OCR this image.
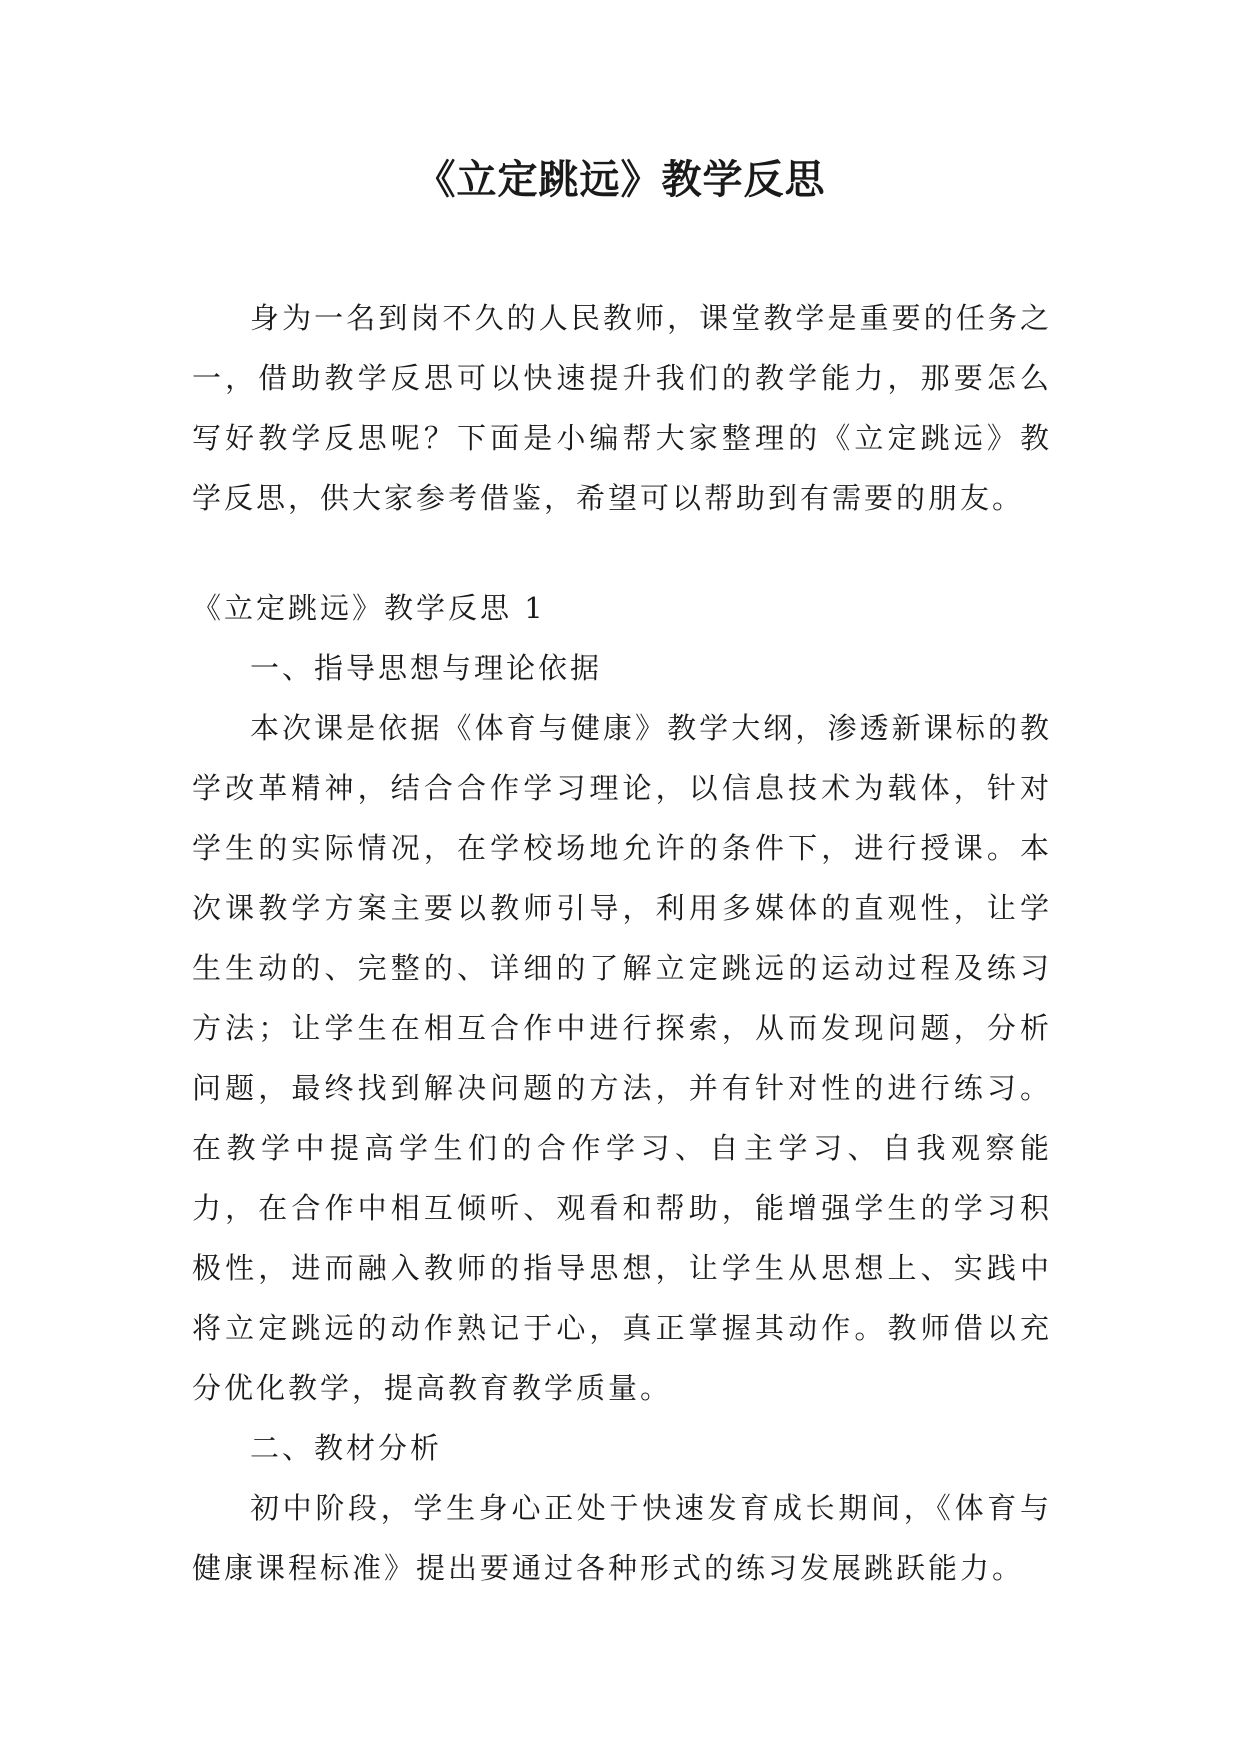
《立定跳远》教学反思

身为一名到岗不久的人民教师，课堂教学是重要的任务之一，借助教学反思可以快速提升我们的教学能力，那要怎么写好教学反思呢？下面是小编帮大家整理的《立定跳远》教学反思，供大家参考借鉴，希望可以帮助到有需要的朋友。

《立定跳远》教学反思 1

一、指导思想与理论依据

本次课是依据《体育与健康》教学大纲，渗透新课标的教学改革精神，结合合作学习理论，以信息技术为载体，针对学生的实际情况，在学校场地允许的条件下，进行授课。本次课教学方案主要以教师引导，利用多媒体的直观性，让学生生动的、完整的、详细的了解立定跳远的运动过程及练习方法；让学生在相互合作中进行探索，从而发现问题，分析问题，最终找到解决问题的方法，并有针对性的进行练习。在教学中提高学生们的合作学习、自主学习、自我观察能力，在合作中相互倾听、观看和帮助，能增强学生的学习积极性，进而融入教师的指导思想，让学生从思想上、实践中将立定跳远的动作熟记于心，真正掌握其动作。教师借以充分优化教学，提高教育教学质量。

二、教材分析

初中阶段，学生身心正处于快速发育成长期间，《体育与健康课程标准》提出要通过各种形式的练习发展跳跃能力。
